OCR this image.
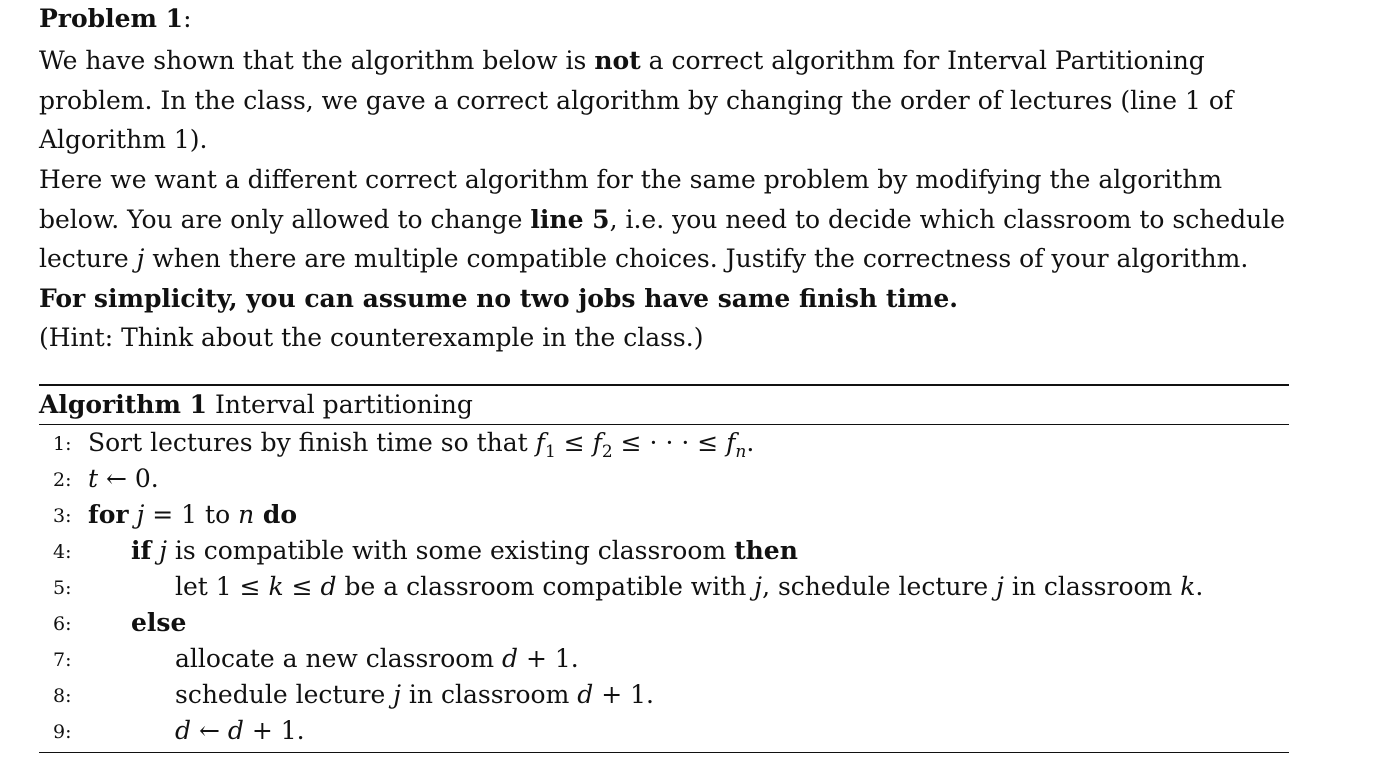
Problem 1:
We have shown that the algorithm below is not a correct algorithm for Interval Partitioning
problem. In the class, we gave a correct algorithm by changing the order of lectures (line 1 of
Algorithm 1).
Here we want a different correct algorithm for the same problem by modifying the algorithm
below. You are only allowed to change line 5, i.e. you need to decide which classroom to schedule
lecture j when there are multiple compatible choices. Justify the correctness of your algorithm.
For simplicity, you can assume no two jobs have same finish time.
(Hint: Think about the counterexample in the class.)
Algorithm 1 Interval partitioning
1: Sort lectures by finish time so that $f_1 \le f_2$ ≤ · · · ≤ $f_n$.
2: t ← 0.
3: for j = 1 to n do
4:	if j is compatible with some existing classroom then
5:	let 1 ≤ k ≤ d be a classroom compatible with j, schedule lecture j in classroom k.
6:	else
7:	allocate a new classroom d + 1.
8:	schedule lecture j in classroom d + 1.
9:	d ← d + 1.
